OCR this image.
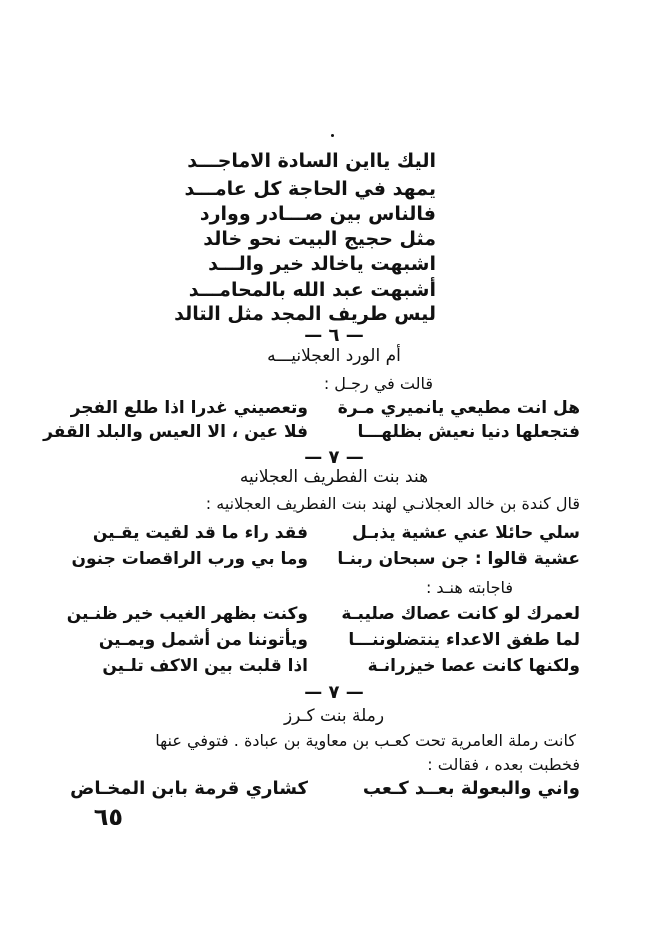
اليك يااين السادة الاماجـــد
يمهد في الحاجة كل عامـــد
فالناس بين صـــادر ووارد
مثل حجيج البيت نحو خالد
اشبهت ياخالد خير والـــد
أشبهت عبد الله بالمحامـــد
ليس طريف المجد مثل التالد
— ٦ —
أم الورد العجلانيـــه
قالت في رجـل :
هل انت مطيعي يانميري مـرة
وتعصيني غدرا اذا طلع الفجر
فتجعلها دنيا نعيش بظلهـــا
فلا عين ، الا العيس والبلد القفر
— ٧ —
هند بنت الفطريف العجلانيه
قال كندة بن خالد العجلانـي لهند بنت الفطريف العجلانيه :
سلي حائلا عني عشية يذبـل
فقد راء ما قد لقيت يقـين
عشية قالوا : جن سبحان ربنـا
وما بي ورب الراقصات جنون
فاجابته هنـد :
لعمرك لو كانت عصاك صليبـة
وكنت بظهر الغيب خير ظنـين
لما طفق الاعداء ينتضلوننـــا
ويأتوننا من أشمل ويمـين
ولكنها كانت عصا خيزرانـة
اذا قلبت بين الاكف تلـين
— ٧ —
رملة بنت كـرز
كانت رملة العامرية تحت كعـب بن معاوية بن عبادة . فتوفي عنها
فخطبت بعده ، فقالت :
واني والبعولة بعــد كـعب
كشاري قرمة بابن المخـاض
٦٥
